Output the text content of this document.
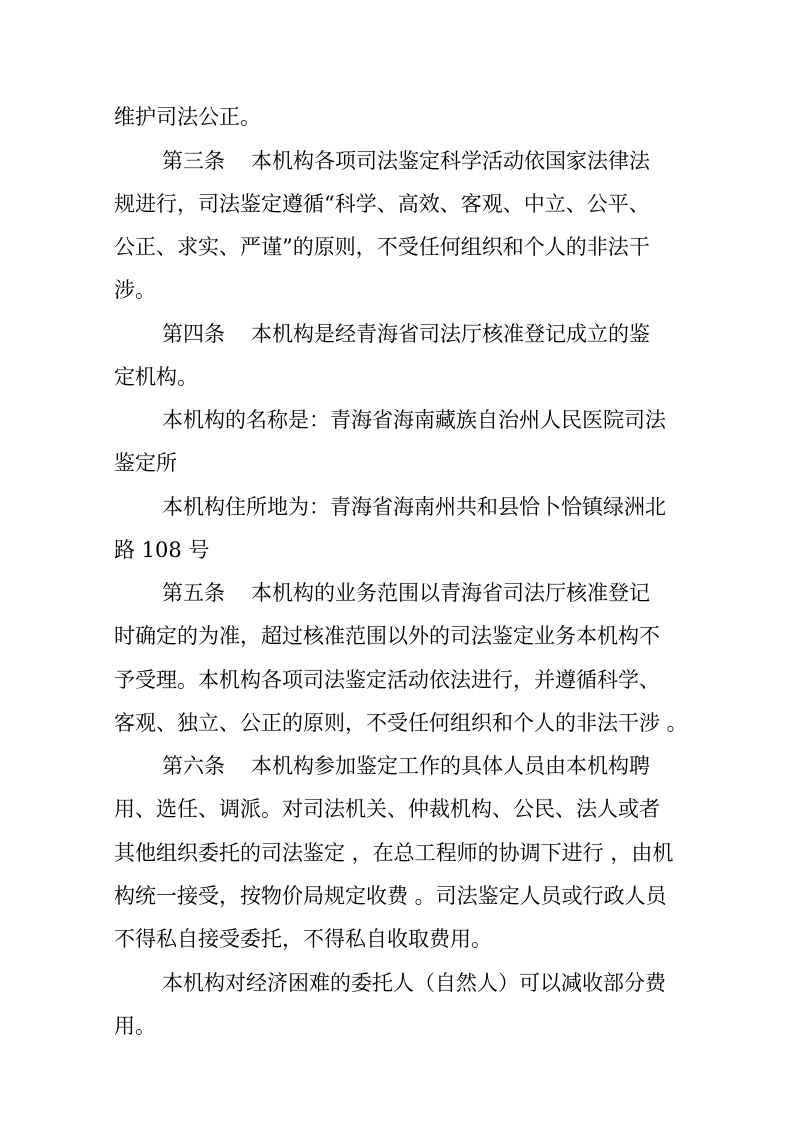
维护司法公正。
第三条 本机构各项司法鉴定科学活动依国家法律法
规进行，司法鉴定遵循“科学、高效、客观、中立、公平、
公正、求实、严谨”的原则，不受任何组织和个人的非法干
涉。
第四条 本机构是经青海省司法厅核准登记成立的鉴
定机构。
本机构的名称是：青海省海南藏族自治州人民医院司法
鉴定所
本机构住所地为：青海省海南州共和县恰卜恰镇绿洲北
路 108 号
第五条 本机构的业务范围以青海省司法厅核准登记
时确定的为准，超过核准范围以外的司法鉴定业务本机构不
予受理。本机构各项司法鉴定活动依法进行，并遵循科学、
客观、独立、公正的原则，不受任何组织和个人的非法干涉 。
第六条 本机构参加鉴定工作的具体人员由本机构聘
用、选任、调派。对司法机关、仲裁机构、公民、法人或者
其他组织委托的司法鉴定 ，在总工程师的协调下进行 ，由机
构统一接受，按物价局规定收费 。司法鉴定人员或行政人员
不得私自接受委托，不得私自收取费用。
本机构对经济困难的委托人（自然人）可以减收部分费
用。
